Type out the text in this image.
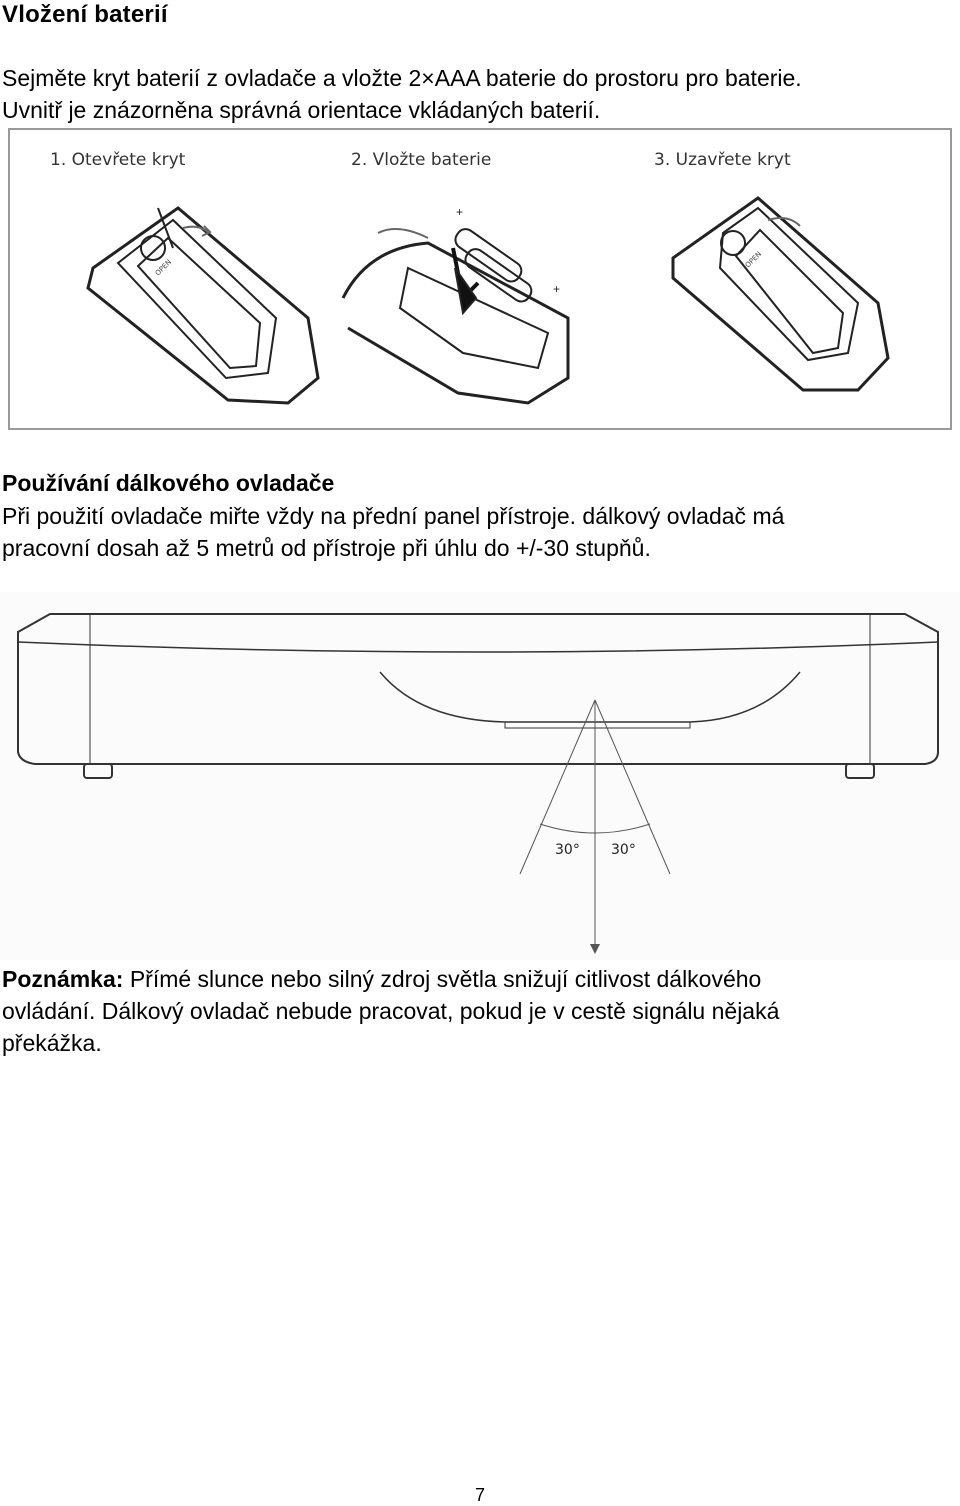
Vložení baterií

Sejměte kryt baterií z ovladače a vložte 2×AAA baterie do prostoru pro baterie.

Uvnitř je znázorněna správná orientace vkládaných baterií.

OPEN
+
+
OPEN
1. Otevřete kryt	2. Vložte baterie	3. Uzavřete kryt

Používání dálkového ovladače

Při použití ovladače miřte vždy na přední panel přístroje. dálkový ovladač má

pracovní dosah až 5 metrů od přístroje při úhlu do +/-30 stupňů.

30° 30°

Poznámka: Přímé slunce nebo silný zdroj světla snižují citlivost dálkového

ovládání. Dálkový ovladač nebude pracovat, pokud je v cestě signálu nějaká

překážka.

7
